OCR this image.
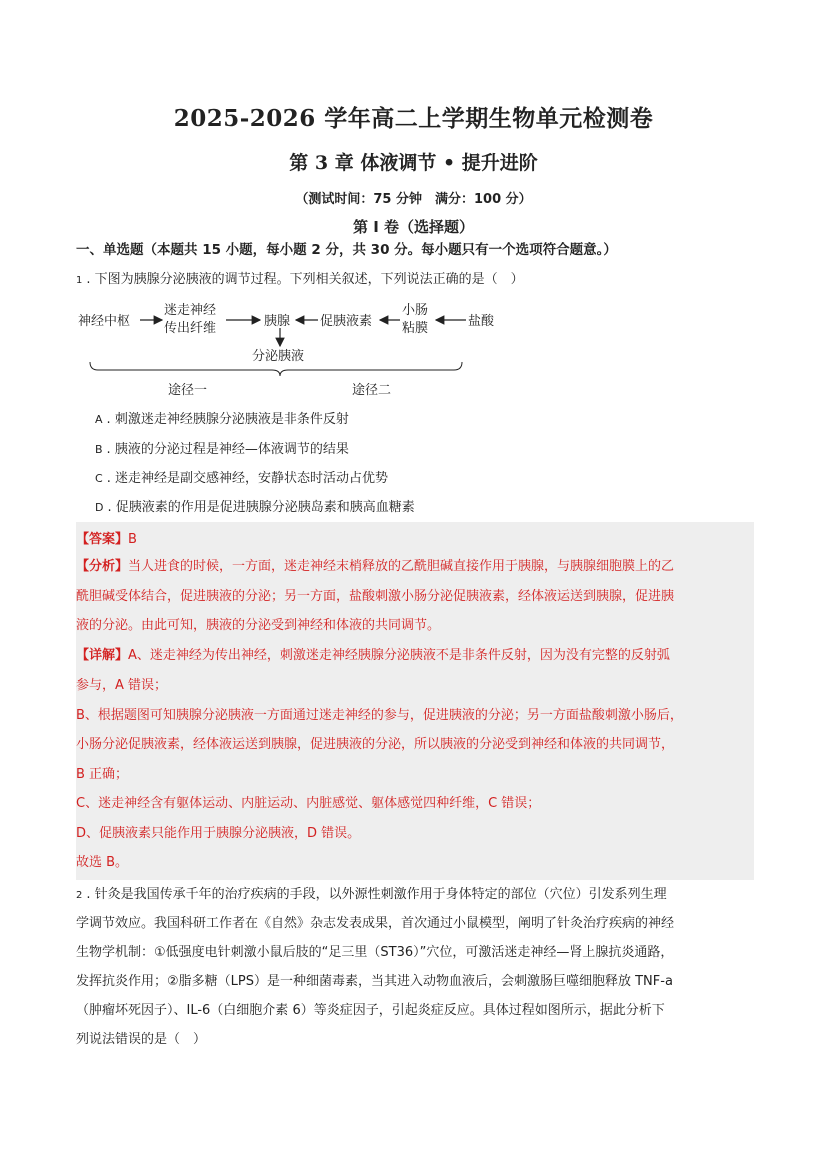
2025-2026 学年高二上学期生物单元检测卷
第 3 章 体液调节 • 提升进阶
（测试时间：75 分钟　满分：100 分）
第 I 卷（选择题）
一、单选题（本题共 15 小题，每小题 2 分，共 30 分。每小题只有一个选项符合题意。）
1 . 下图为胰腺分泌胰液的调节过程。下列相关叙述，下列说法正确的是（　）
神经中枢
迷走神经
传出纤维	胰腺 促胰液素
小肠
粘膜	盐酸
分泌胰液
途径一	途径二
A . 刺激迷走神经胰腺分泌胰液是非条件反射
B . 胰液的分泌过程是神经—体液调节的结果
C . 迷走神经是副交感神经，安静状态时活动占优势
D . 促胰液素的作用是促进胰腺分泌胰岛素和胰高血糖素
【答案】B
【分析】当人进食的时候，一方面，迷走神经末梢释放的乙酰胆碱直接作用于胰腺，与胰腺细胞膜上的乙
酰胆碱受体结合，促进胰液的分泌；另一方面，盐酸刺激小肠分泌促胰液素，经体液运送到胰腺，促进胰
液的分泌。由此可知，胰液的分泌受到神经和体液的共同调节。
【详解】A、迷走神经为传出神经，刺激迷走神经胰腺分泌胰液不是非条件反射，因为没有完整的反射弧
参与，A 错误；
B、根据题图可知胰腺分泌胰液一方面通过迷走神经的参与，促进胰液的分泌；另一方面盐酸刺激小肠后，
小肠分泌促胰液素，经体液运送到胰腺，促进胰液的分泌，所以胰液的分泌受到神经和体液的共同调节，
B 正确；
C、迷走神经含有躯体运动、内脏运动、内脏感觉、躯体感觉四种纤维，C 错误；
D、促胰液素只能作用于胰腺分泌胰液，D 错误。
故选 B。
2 . 针灸是我国传承千年的治疗疾病的手段，以外源性刺激作用于身体特定的部位（穴位）引发系列生理
学调节效应。我国科研工作者在《自然》杂志发表成果，首次通过小鼠模型，阐明了针灸治疗疾病的神经
生物学机制：①低强度电针刺激小鼠后肢的“足三里（ST36）”穴位，可激活迷走神经—肾上腺抗炎通路，
发挥抗炎作用；②脂多糖（LPS）是一种细菌毒素，当其进入动物血液后，会刺激肠巨噬细胞释放 TNF-a
（肿瘤坏死因子）、IL-6（白细胞介素 6）等炎症因子，引起炎症反应。具体过程如图所示，据此分析下
列说法错误的是（　）
